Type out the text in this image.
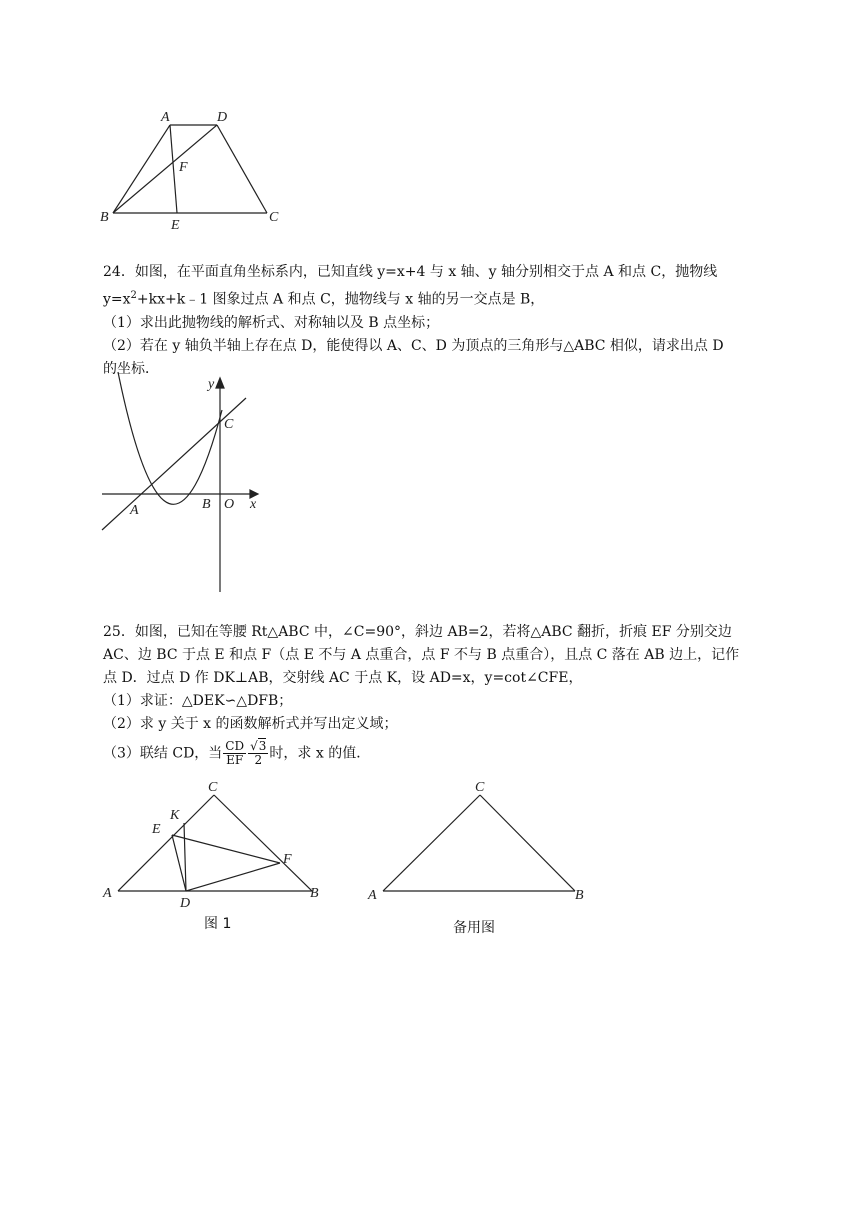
A	D
F
B
E
C
24．如图，在平面直角坐标系内，已知直线 y=x+4 与 x 轴、y 轴分别相交于点 A 和点 C，抛物线
$y=x^2+kx+k﹣1$ 图象过点 A 和点 C，抛物线与 x 轴的另一交点是 B，
（1）求出此抛物线的解析式、对称轴以及 B 点坐标；
（2）若在 y 轴负半轴上存在点 D，能使得以 A、C、D 为顶点的三角形与△ABC 相似，请求出点 D
的坐标．
y
C
A	B O x
25．如图，已知在等腰 Rt△ABC 中，∠C=90°，斜边 AB=2，若将△ABC 翻折，折痕 EF 分别交边
AC、边 BC 于点 E 和点 F（点 E 不与 A 点重合，点 F 不与 B 点重合），且点 C 落在 AB 边上，记作
点 D．过点 D 作 DK⊥AB，交射线 AC 于点 K，设 AD=x，y=cot∠CFE，
（1）求证：△DEK∽△DFB；
（2）求 y 关于 x 的函数解析式并写出定义域；
（3）联结 CD，当 $\frac{CD}{EF} \frac{√3}{2}$ 时，求 x 的值．
C
K
E
F
A
D
B
图 1
C
A	B
备用图
